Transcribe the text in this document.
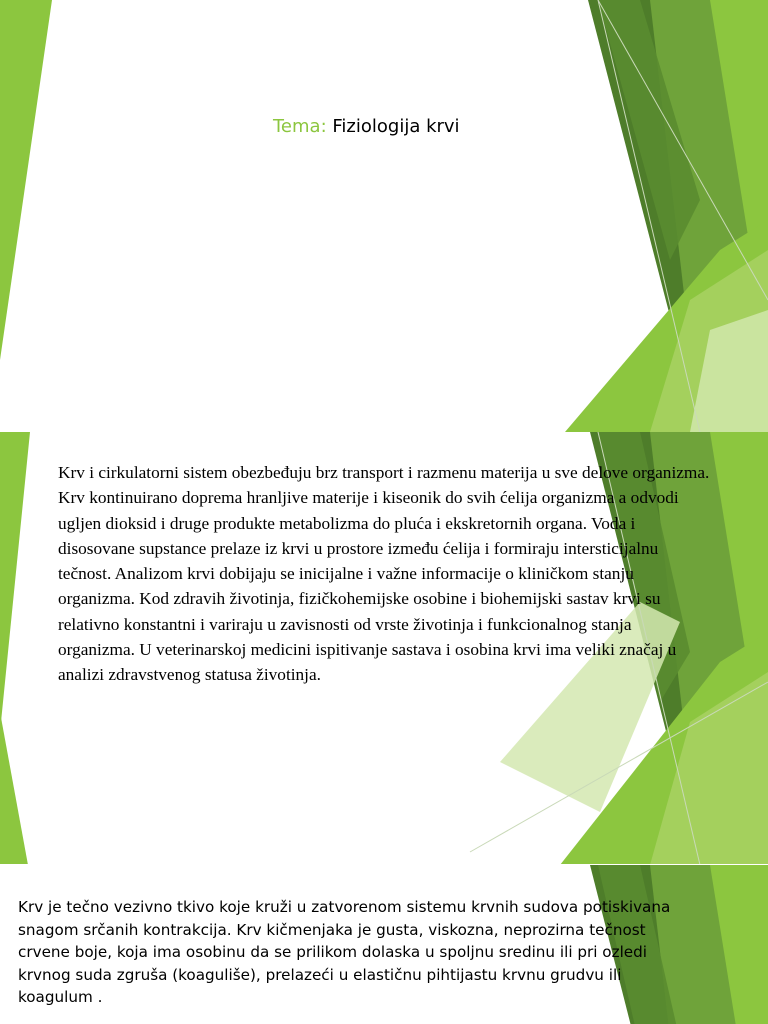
Tema: Fiziologija krvi

Krv i cirkulatorni sistem obezbeđuju brz transport i razmenu materija u sve delove organizma. Krv kontinuirano doprema hranljive materije i kiseonik do svih ćelija organizma a odvodi ugljen dioksid i druge produkte metabolizma do pluća i ekskretornih organa. Voda i disosovane supstance prelaze iz krvi u prostore između ćelija i formiraju intersticijalnu tečnost. Analizom krvi dobijaju se inicijalne i važne informacije o kliničkom stanju organizma. Kod zdravih životinja, fizičkohemijske osobine i biohemijski sastav krvi su relativno konstantni i variraju u zavisnosti od vrste životinja i funkcionalnog stanja organizma. U veterinarskoj medicini ispitivanje sastava i osobina krvi ima veliki značaj u analizi zdravstvenog statusa životinja.

Krv je tečno vezivno tkivo koje kruži u zatvorenom sistemu krvnih sudova potiskivana snagom srčanih kontrakcija. Krv kičmenjaka je gusta, viskozna, neprozirna tečnost crvene boje, koja ima osobinu da se prilikom dolaska u spoljnu sredinu ili pri ozledi krvnog suda zgruša (koaguliše), prelazeći u elastičnu pihtijastu krvnu grudvu ili koagulum .
